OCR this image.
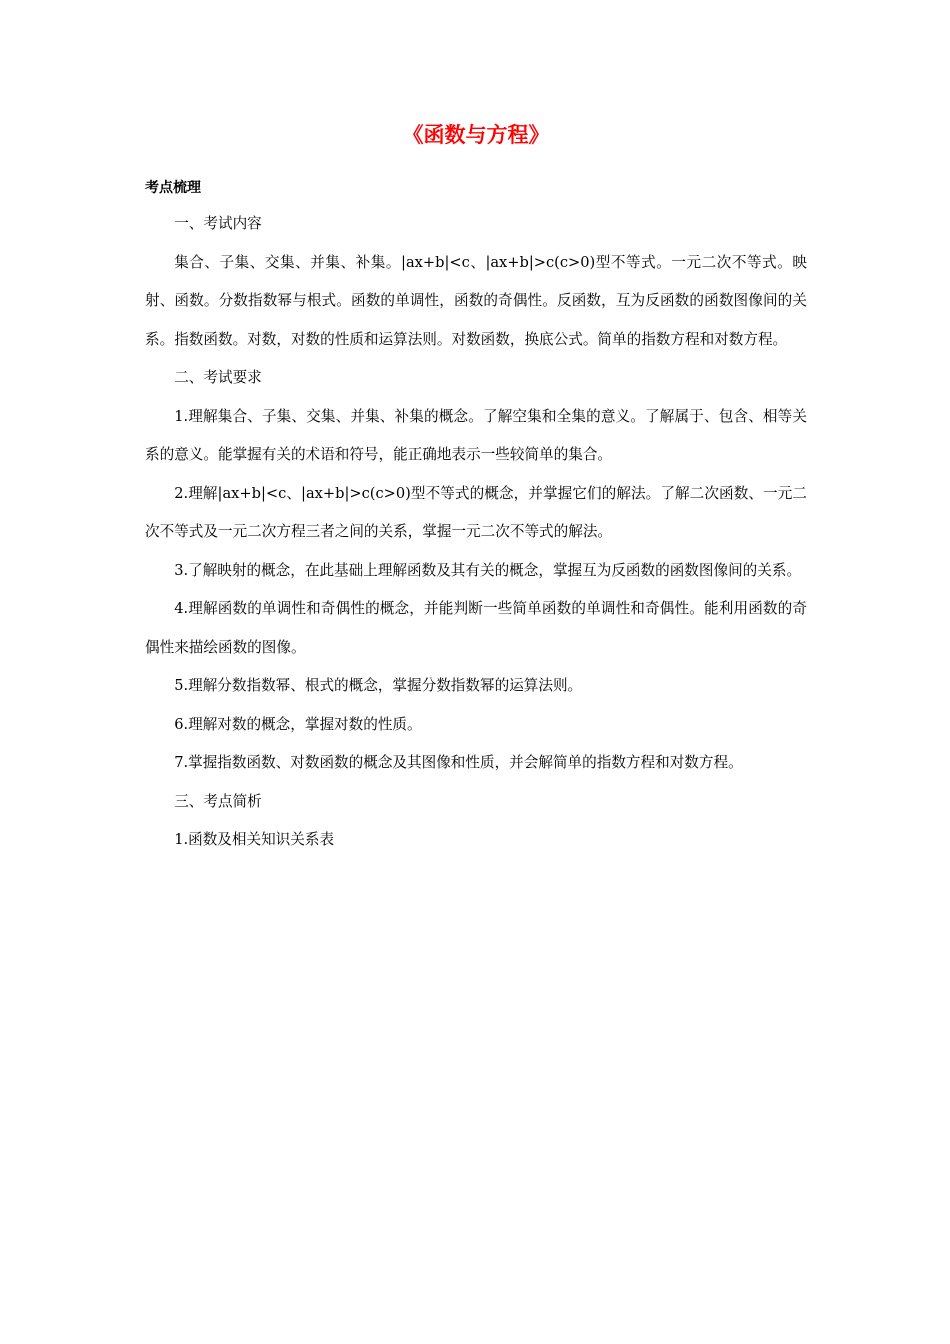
《函数与方程》
考点梳理

一、考试内容

集合、子集、交集、并集、补集。|ax+b|<c、|ax+b|>c(c>0)型不等式。一元二次不等式。映射、函数。分数指数幂与根式。函数的单调性，函数的奇偶性。反函数，互为反函数的函数图像间的关系。指数函数。对数，对数的性质和运算法则。对数函数，换底公式。简单的指数方程和对数方程。

二、考试要求

1.理解集合、子集、交集、并集、补集的概念。了解空集和全集的意义。了解属于、包含、相等关系的意义。能掌握有关的术语和符号，能正确地表示一些较简单的集合。

2.理解|ax+b|<c、|ax+b|>c(c>0)型不等式的概念，并掌握它们的解法。了解二次函数、一元二次不等式及一元二次方程三者之间的关系，掌握一元二次不等式的解法。

3.了解映射的概念，在此基础上理解函数及其有关的概念，掌握互为反函数的函数图像间的关系。

4.理解函数的单调性和奇偶性的概念，并能判断一些简单函数的单调性和奇偶性。能利用函数的奇偶性来描绘函数的图像。

5.理解分数指数幂、根式的概念，掌握分数指数幂的运算法则。

6.理解对数的概念，掌握对数的性质。

7.掌握指数函数、对数函数的概念及其图像和性质，并会解简单的指数方程和对数方程。

三、考点简析

1.函数及相关知识关系表
